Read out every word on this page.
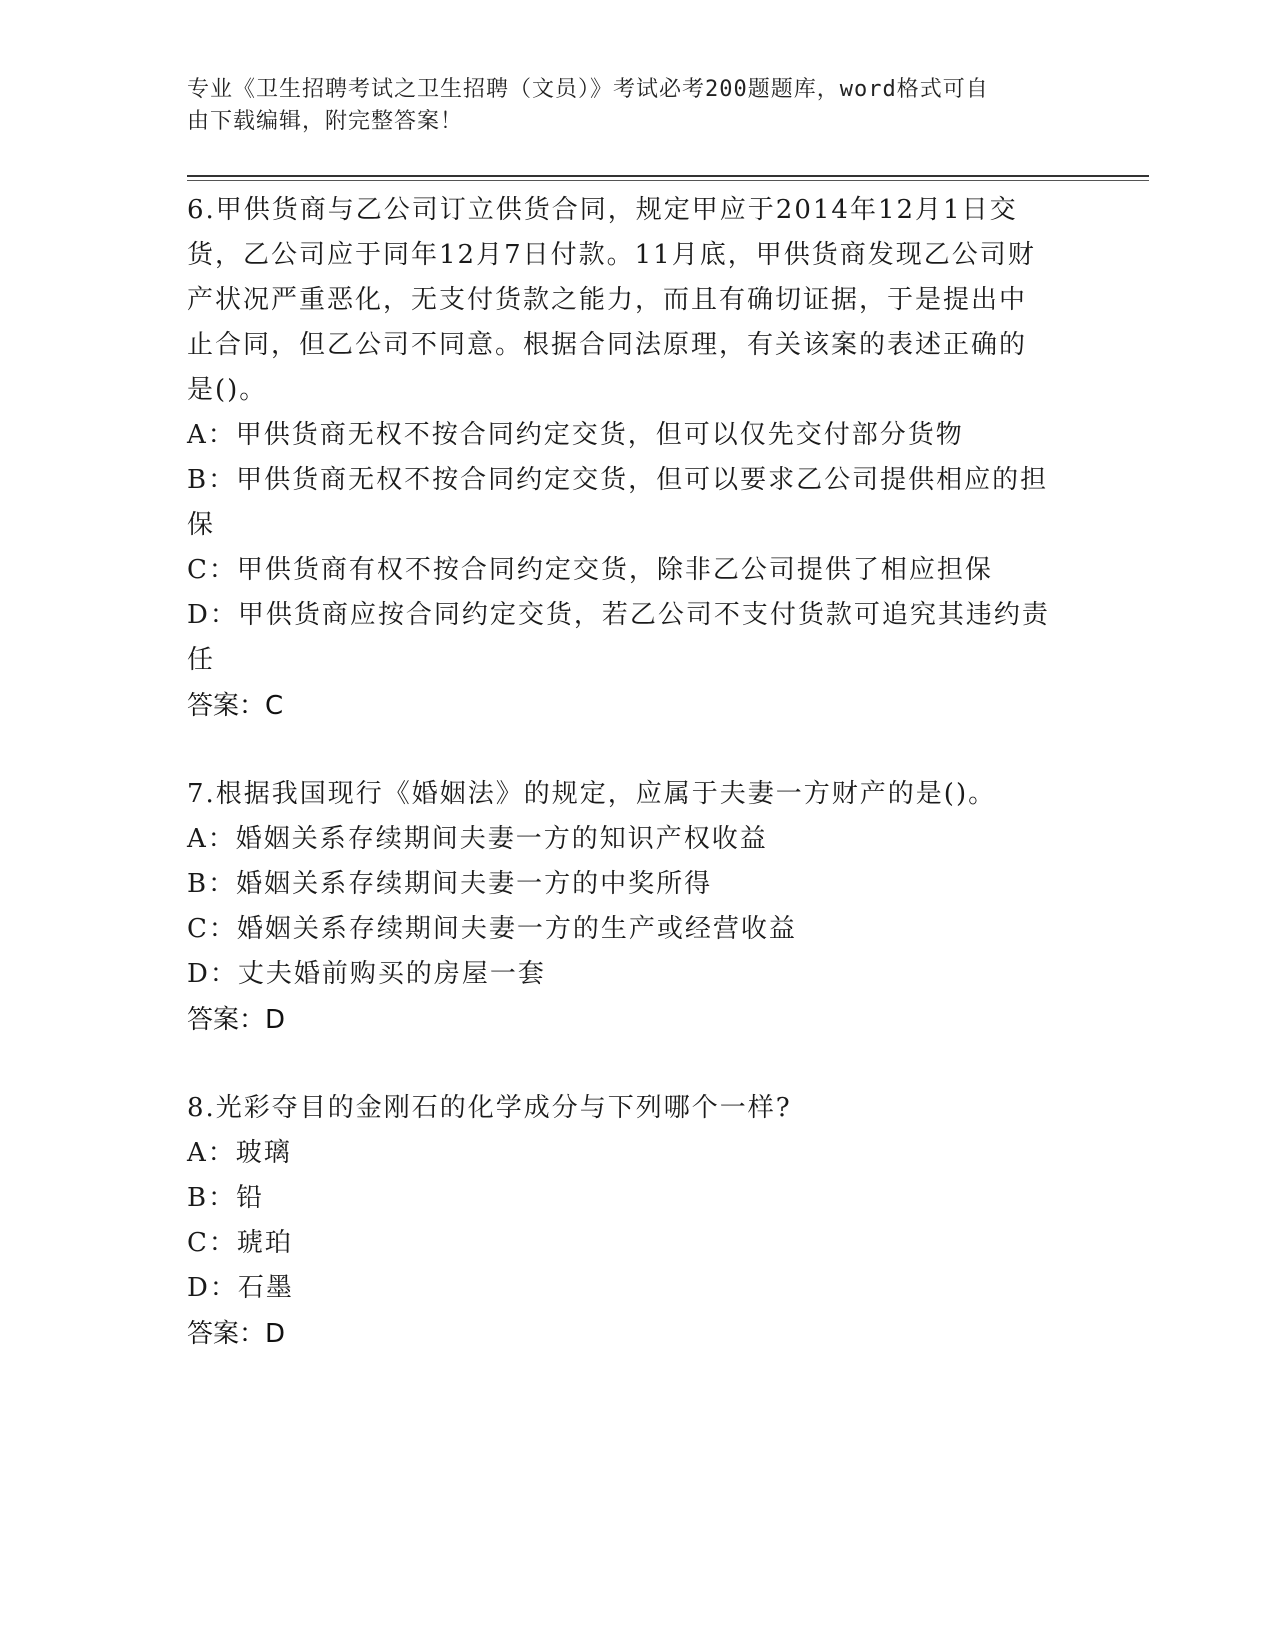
专业《卫生招聘考试之卫生招聘（文员）》考试必考200题题库，word格式可自
由下载编辑，附完整答案！
6.甲供货商与乙公司订立供货合同，规定甲应于2014年12月1日交
货，乙公司应于同年12月7日付款。11月底，甲供货商发现乙公司财
产状况严重恶化，无支付货款之能力，而且有确切证据，于是提出中
止合同，但乙公司不同意。根据合同法原理，有关该案的表述正确的
是()。
A：甲供货商无权不按合同约定交货，但可以仅先交付部分货物
B：甲供货商无权不按合同约定交货，但可以要求乙公司提供相应的担
保
C：甲供货商有权不按合同约定交货，除非乙公司提供了相应担保
D：甲供货商应按合同约定交货，若乙公司不支付货款可追究其违约责
任
答案：C
7.根据我国现行《婚姻法》的规定，应属于夫妻一方财产的是()。
A：婚姻关系存续期间夫妻一方的知识产权收益
B：婚姻关系存续期间夫妻一方的中奖所得
C：婚姻关系存续期间夫妻一方的生产或经营收益
D：丈夫婚前购买的房屋一套
答案：D
8.光彩夺目的金刚石的化学成分与下列哪个一样?
A：玻璃
B：铅
C：琥珀
D：石墨
答案：D
